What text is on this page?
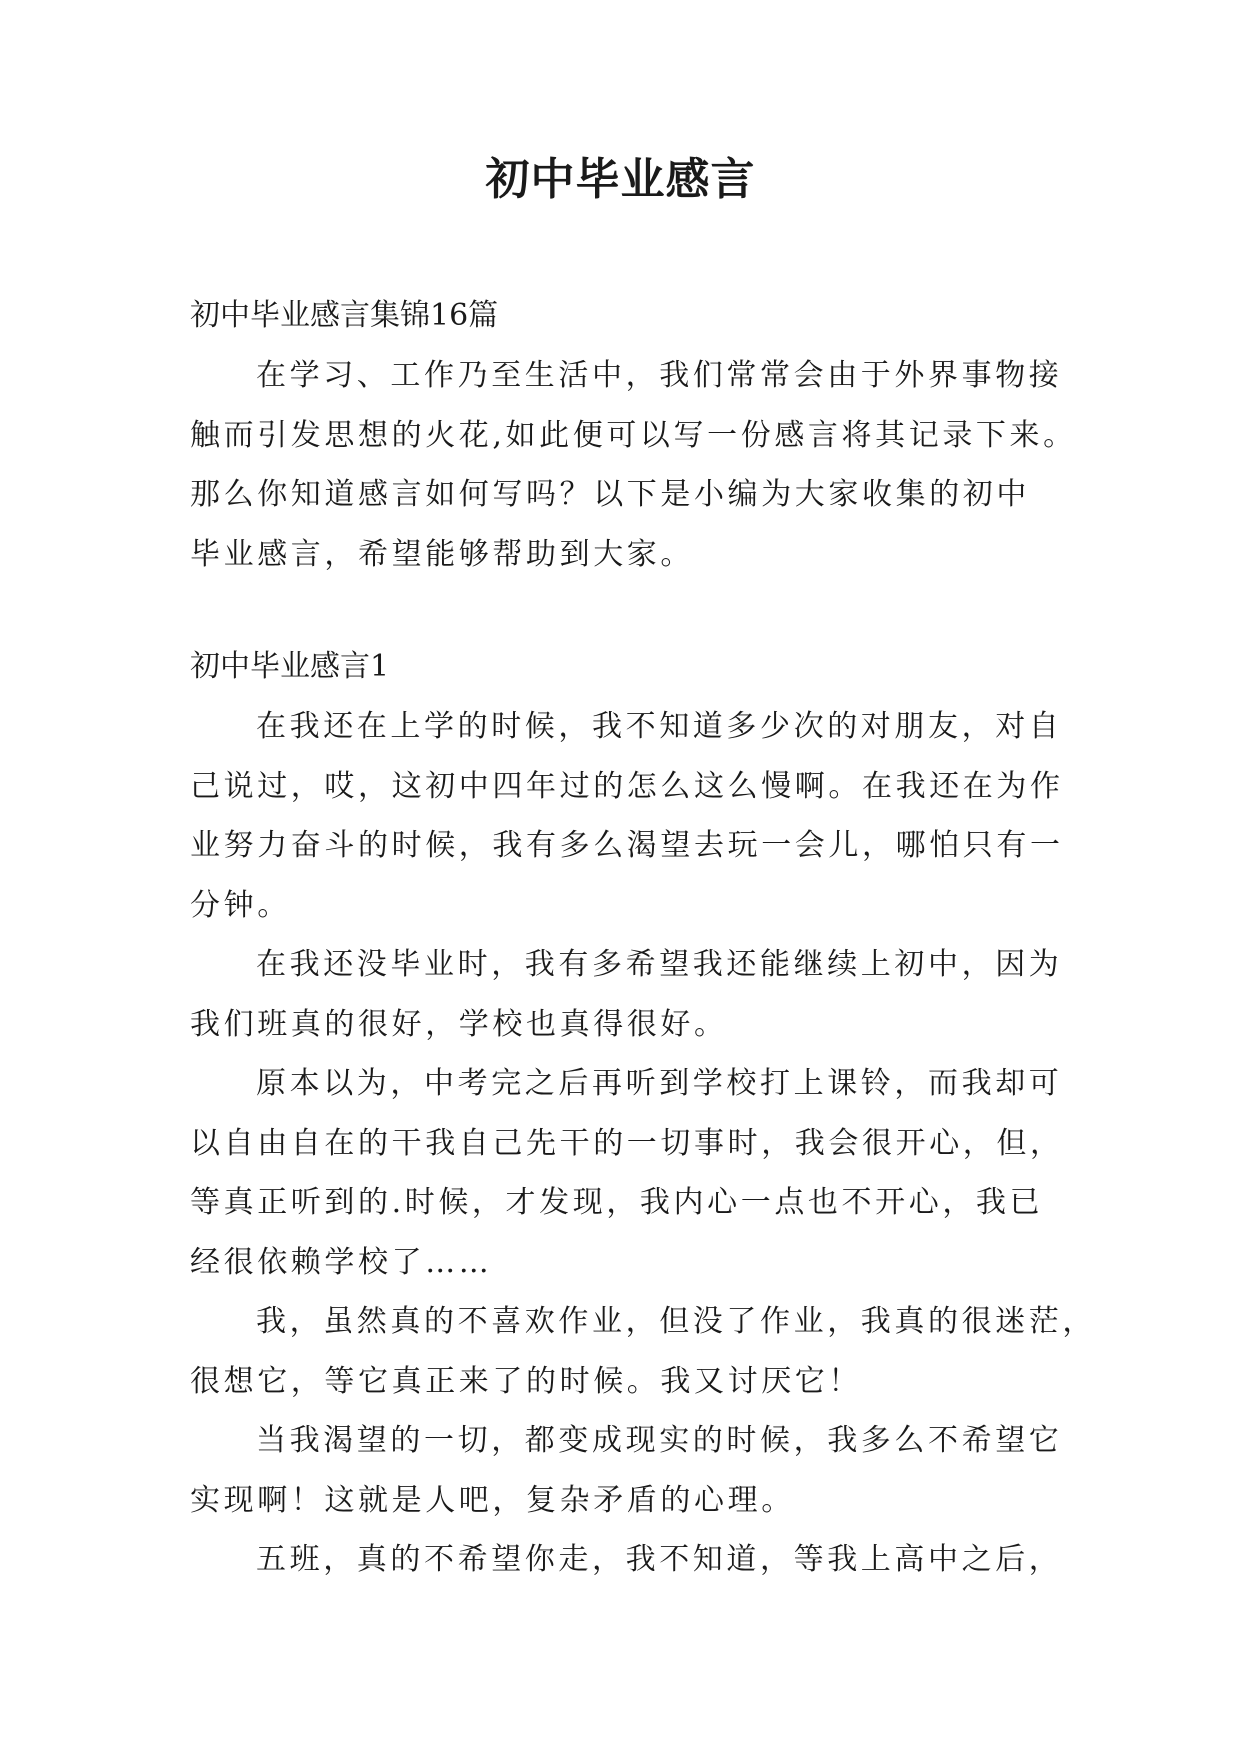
初中毕业感言

初中毕业感言集锦16篇

在学习、工作乃至生活中，我们常常会由于外界事物接

触而引发思想的火花,如此便可以写一份感言将其记录下来。

那么你知道感言如何写吗？以下是小编为大家收集的初中

毕业感言，希望能够帮助到大家。

初中毕业感言1

在我还在上学的时候，我不知道多少次的对朋友，对自

己说过，哎，这初中四年过的怎么这么慢啊。在我还在为作

业努力奋斗的时候，我有多么渴望去玩一会儿，哪怕只有一

分钟。

在我还没毕业时，我有多希望我还能继续上初中，因为

我们班真的很好，学校也真得很好。

原本以为，中考完之后再听到学校打上课铃，而我却可

以自由自在的干我自己先干的一切事时，我会很开心，但，

等真正听到的.时候，才发现，我内心一点也不开心，我已

经很依赖学校了……

我，虽然真的不喜欢作业，但没了作业，我真的很迷茫，

很想它，等它真正来了的时候。我又讨厌它！

当我渴望的一切，都变成现实的时候，我多么不希望它

实现啊！这就是人吧，复杂矛盾的心理。

五班，真的不希望你走，我不知道，等我上高中之后，
